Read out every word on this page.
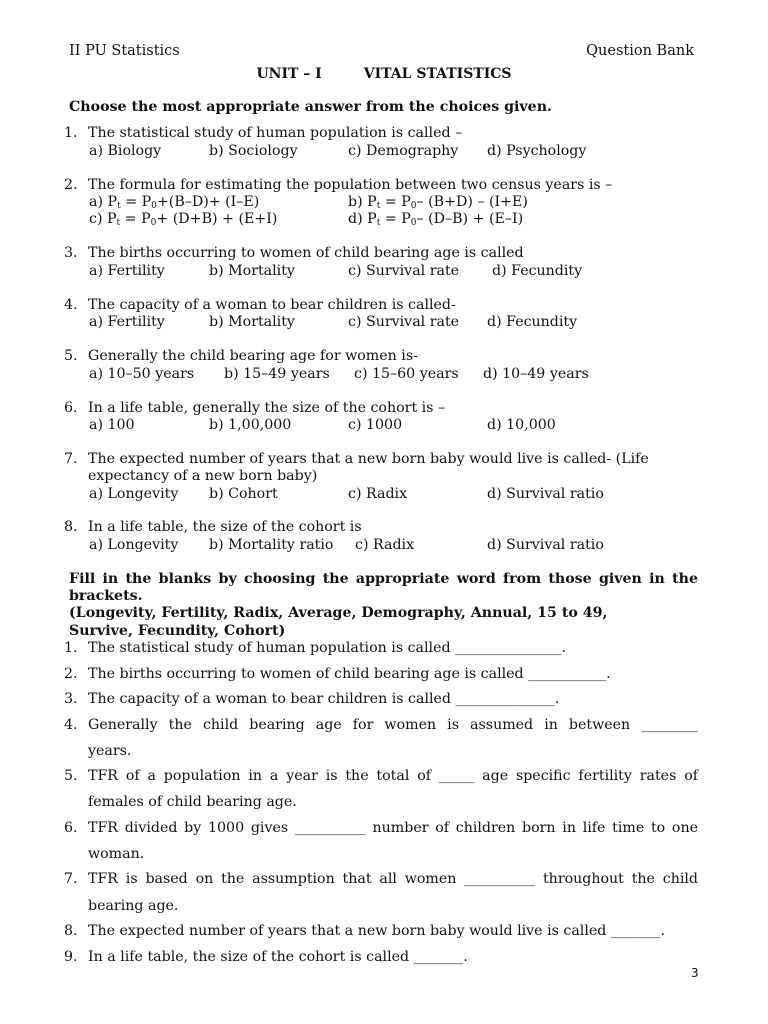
II PU Statistics	Question Bank
UNIT – I	VITAL STATISTICS
Choose the most appropriate answer from the choices given.
1. The statistical study of human population is called –
a) Biology	b) Sociology	c) Demography d) Psychology
2. The formula for estimating the population between two census years is –
a) $P_t = P_0+(B-D)+ (I-E)$	b) $P_t = P_0-$ (B+D) – (I+E)
c) $P_t = P_0+ (D+B) + (E+I)$	d) $P_t = P_0-$ (D–B) + (E–I)
3. The births occurring to women of child bearing age is called
a) Fertility	b) Mortality	c) Survival rate d) Fecundity
4. The capacity of a woman to bear children is called-
a) Fertility	b) Mortality	c) Survival rate d) Fecundity
5. Generally the child bearing age for women is-
a) 10–50 years b) 15–49 years c) 15–60 years d) 10–49 years
6. In a life table, generally the size of the cohort is –
a) 100	b) 1,00,000	c) 1000	d) 10,000
7. The expected number of years that a new born baby would live is called- (Life
expectancy of a new born baby)
a) Longevity b) Cohort	c) Radix	d) Survival ratio
8. In a life table, the size of the cohort is
a) Longevity b) Mortality ratio c) Radix	d) Survival ratio
Fill in the blanks by choosing the appropriate word from those given in the
brackets.
(Longevity, Fertility, Radix, Average, Demography, Annual, 15 to 49,
Survive, Fecundity, Cohort)
1. The statistical study of human population is called _______________.
2. The births occurring to women of child bearing age is called ___________.
3. The capacity of a woman to bear children is called ______________.
4. Generally the child bearing age for women is assumed in between ________
years.
5. TFR of a population in a year is the total of _____ age specific fertility rates of
females of child bearing age.
6. TFR divided by 1000 gives __________ number of children born in life time to one
woman.
7. TFR is based on the assumption that all women __________ throughout the child
bearing age.
8. The expected number of years that a new born baby would live is called _______.
9. In a life table, the size of the cohort is called _______.
3
